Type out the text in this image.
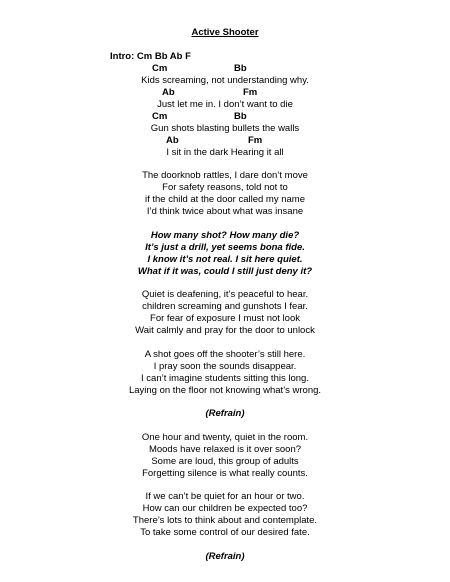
Active Shooter
Intro: Cm Bb Ab F
Cm	Bb
Kids screaming, not understanding why.
Ab	Fm
Just let me in. I don’t want to die
Cm	Bb
Gun shots blasting bullets the walls
Ab	Fm
I sit in the dark Hearing it all
The doorknob rattles, I dare don’t move
For safety reasons, told not to
if the child at the door called my name
I’d think twice about what was insane
How many shot? How many die?
It’s just a drill, yet seems bona fide.
I know it’s not real. I sit here quiet.
What if it was, could I still just deny it?
Quiet is deafening, it’s peaceful to hear.
children screaming and gunshots I fear.
For fear of exposure I must not look
Wait calmly and pray for the door to unlock
A shot goes off the shooter’s still here.
I pray soon the sounds disappear.
I can’t imagine students sitting this long.
Laying on the floor not knowing what’s wrong.
(Refrain)
One hour and twenty, quiet in the room.
Moods have relaxed is it over soon?
Some are loud, this group of adults
Forgetting silence is what really counts.
If we can’t be quiet for an hour or two.
How can our children be expected too?
There’s lots to think about and contemplate.
To take some control of our desired fate.
(Refrain)
